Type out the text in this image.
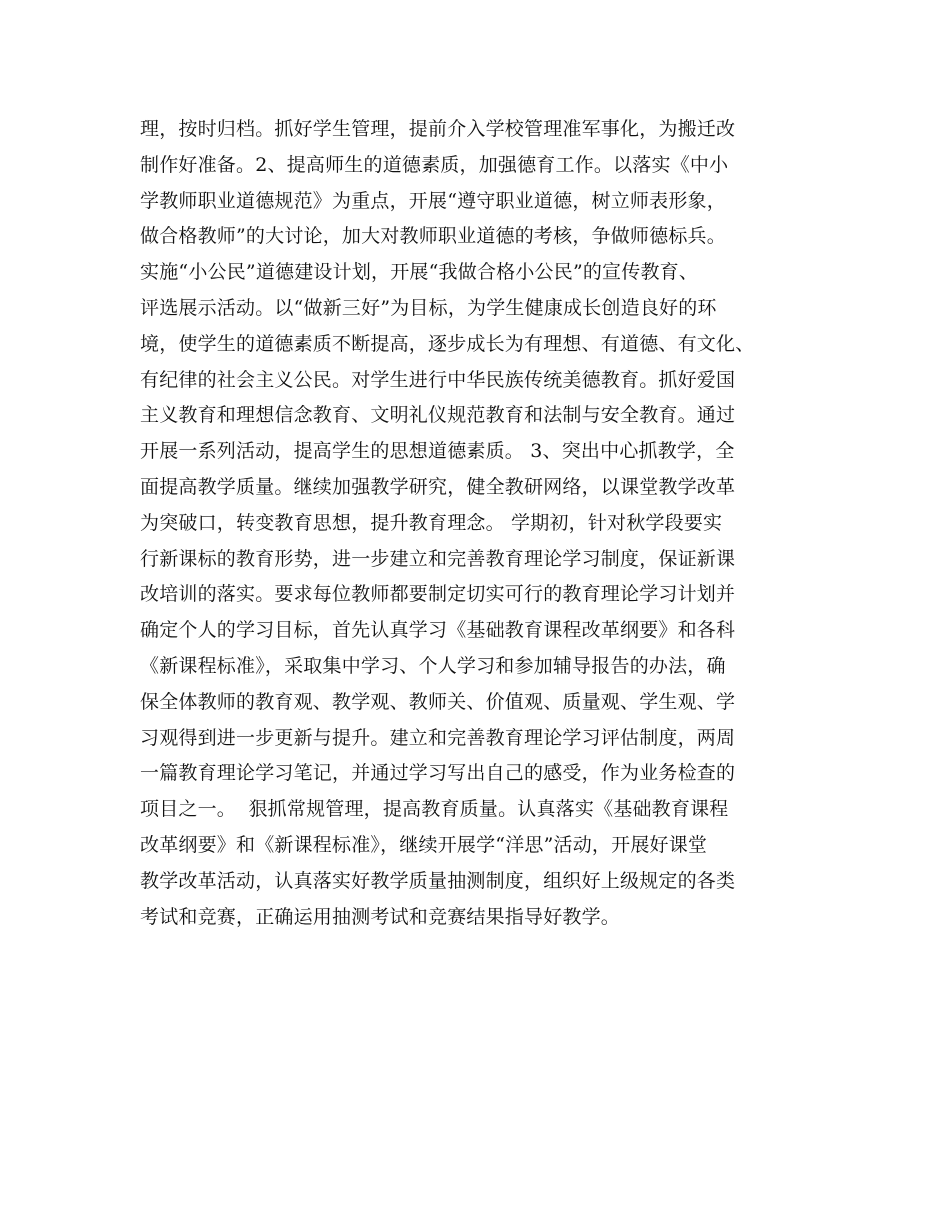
理，按时归档。抓好学生管理，提前介入学校管理准军事化，为搬迁改
制作好准备。2、提高师生的道德素质，加强德育工作。以落实《中小
学教师职业道德规范》为重点，开展“遵守职业道德，树立师表形象，
做合格教师”的大讨论，加大对教师职业道德的考核，争做师德标兵。
实施“小公民”道德建设计划，开展“我做合格小公民”的宣传教育、
评选展示活动。以“做新三好”为目标，为学生健康成长创造良好的环
境，使学生的道德素质不断提高，逐步成长为有理想、有道德、有文化、
有纪律的社会主义公民。对学生进行中华民族传统美德教育。抓好爱国
主义教育和理想信念教育、文明礼仪规范教育和法制与安全教育。通过
开展一系列活动，提高学生的思想道德素质。 3、突出中心抓教学，全
面提高教学质量。继续加强教学研究，健全教研网络，以课堂教学改革
为突破口，转变教育思想，提升教育理念。 学期初，针对秋学段要实
行新课标的教育形势，进一步建立和完善教育理论学习制度，保证新课
改培训的落实。要求每位教师都要制定切实可行的教育理论学习计划并
确定个人的学习目标，首先认真学习《基础教育课程改革纲要》和各科
《新课程标准》，采取集中学习、个人学习和参加辅导报告的办法，确
保全体教师的教育观、教学观、教师关、价值观、质量观、学生观、学
习观得到进一步更新与提升。建立和完善教育理论学习评估制度，两周
一篇教育理论学习笔记，并通过学习写出自己的感受，作为业务检查的
项目之一。  狠抓常规管理，提高教育质量。认真落实《基础教育课程
改革纲要》和《新课程标准》，继续开展学“洋思”活动，开展好课堂
教学改革活动，认真落实好教学质量抽测制度，组织好上级规定的各类
考试和竞赛，正确运用抽测考试和竞赛结果指导好教学。
